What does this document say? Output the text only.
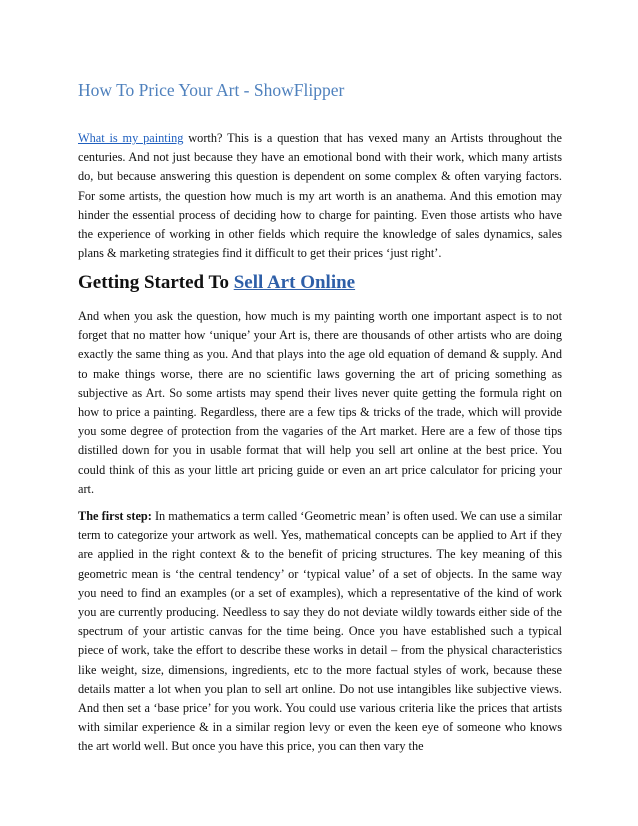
How To Price Your Art - ShowFlipper

What is my painting worth? This is a question that has vexed many an Artists throughout the centuries. And not just because they have an emotional bond with their work, which many artists do, but because answering this question is dependent on some complex & often varying factors. For some artists, the question how much is my art worth is an anathema. And this emotion may hinder the essential process of deciding how to charge for painting. Even those artists who have the experience of working in other fields which require the knowledge of sales dynamics, sales plans & marketing strategies find it difficult to get their prices ‘just right’.

Getting Started To Sell Art Online

And when you ask the question, how much is my painting worth one important aspect is to not forget that no matter how ‘unique’ your Art is, there are thousands of other artists who are doing exactly the same thing as you. And that plays into the age old equation of demand & supply. And to make things worse, there are no scientific laws governing the art of pricing something as subjective as Art. So some artists may spend their lives never quite getting the formula right on how to price a painting. Regardless, there are a few tips & tricks of the trade, which will provide you some degree of protection from the vagaries of the Art market. Here are a few of those tips distilled down for you in usable format that will help you sell art online at the best price. You could think of this as your little art pricing guide or even an art price calculator for pricing your art.

The first step: In mathematics a term called ‘Geometric mean’ is often used. We can use a similar term to categorize your artwork as well. Yes, mathematical concepts can be applied to Art if they are applied in the right context & to the benefit of pricing structures. The key meaning of this geometric mean is ‘the central tendency’ or ‘typical value’ of a set of objects. In the same way you need to find an examples (or a set of examples), which a representative of the kind of work you are currently producing. Needless to say they do not deviate wildly towards either side of the spectrum of your artistic canvas for the time being. Once you have established such a typical piece of work, take the effort to describe these works in detail – from the physical characteristics like weight, size, dimensions, ingredients, etc to the more factual styles of work, because these details matter a lot when you plan to sell art online. Do not use intangibles like subjective views. And then set a ‘base price’ for you work. You could use various criteria like the prices that artists with similar experience & in a similar region levy or even the keen eye of someone who knows the art world well. But once you have this price, you can then vary the
